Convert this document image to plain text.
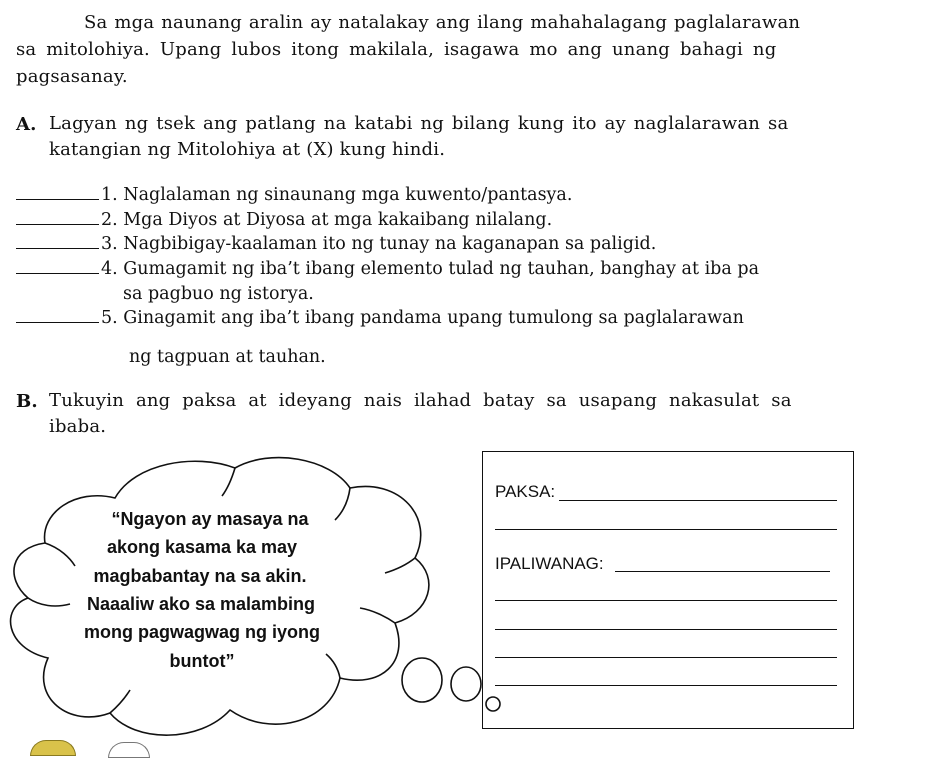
Sa mga naunang aralin ay natalakay ang ilang mahahalagang paglalarawan
sa mitolohiya. Upang lubos itong makilala, isagawa mo ang unang bahagi ng
pagsasanay.
A. Lagyan ng tsek ang patlang na katabi ng bilang kung ito ay naglalarawan sa
katangian ng Mitolohiya at (X) kung hindi.
1. Naglalaman ng sinaunang mga kuwento/pantasya.
2. Mga Diyos at Diyosa at mga kakaibang nilalang.
3. Nagbibigay-kaalaman ito ng tunay na kaganapan sa paligid.
4. Gumagamit ng iba’t ibang elemento tulad ng tauhan, banghay at iba pa
sa pagbuo ng istorya.
5. Ginagamit ang iba’t ibang pandama upang tumulong sa paglalarawan
ng tagpuan at tauhan.
B. Tukuyin ang paksa at ideyang nais ilahad batay sa usapang nakasulat sa
ibaba.
“Ngayon ay masaya na
akong kasama ka may
magbabantay na sa akin.
Naaaliw ako sa malambing
mong pagwagwag ng iyong
buntot”
PAKSA:
IPALIWANAG:
